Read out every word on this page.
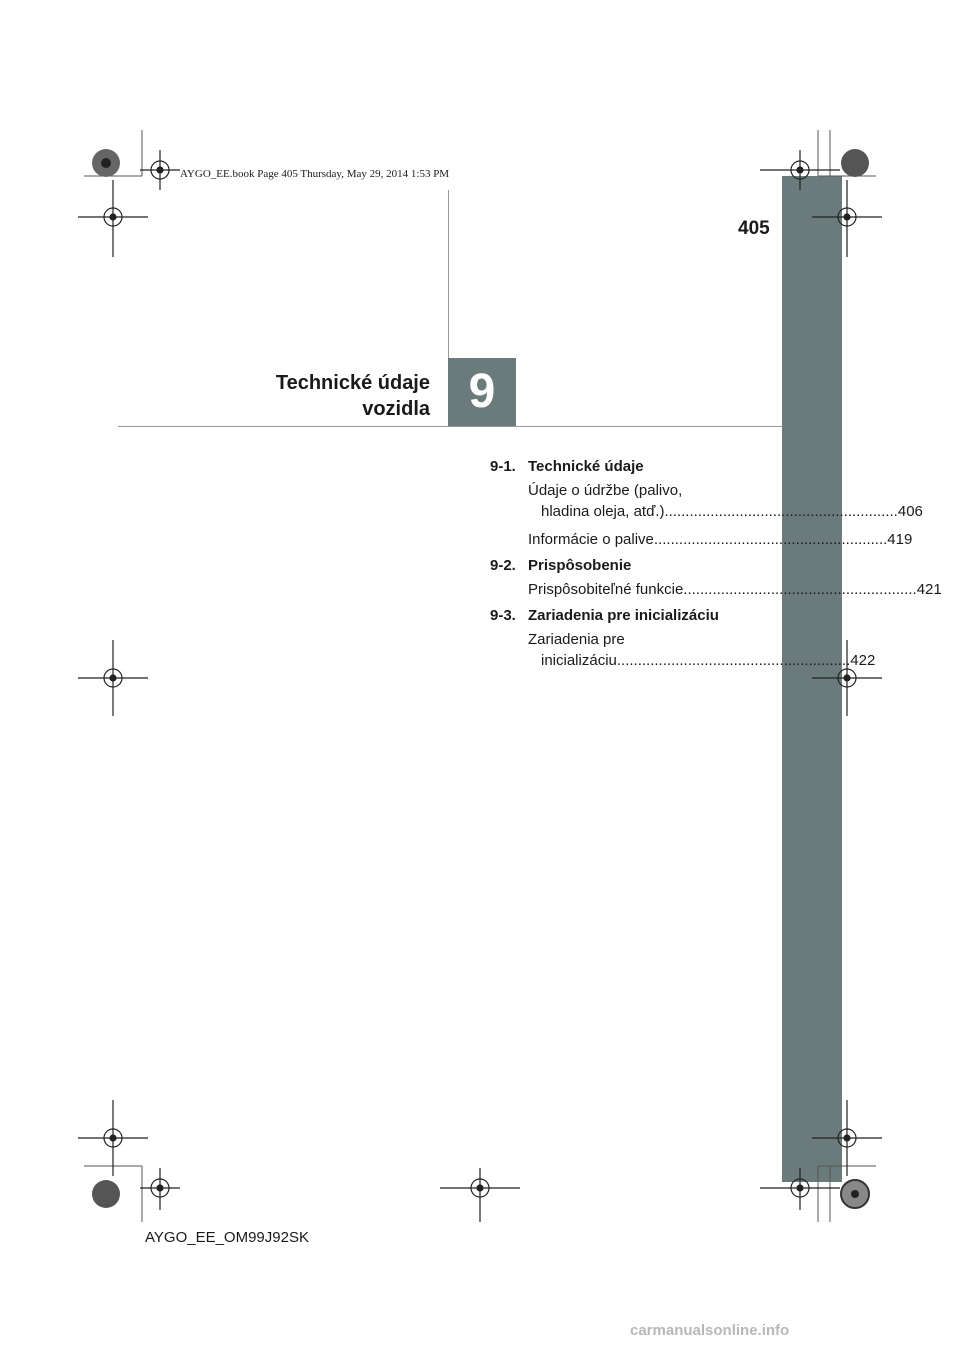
9
405
AYGO_EE.book Page 405 Thursday, May 29, 2014 1:53 PM
Technické údaje
vozidla
9-1. Technické údaje
Údaje o údržbe (palivo,
hladina oleja, atď.) ........................................................ 406
Informácie o palive ........................................................ 419
9-2. Prispôsobenie
Prispôsobiteľné funkcie ........................................................ 421
9-3. Zariadenia pre inicializáciu
Zariadenia pre
inicializáciu ........................................................ 422
AYGO_EE_OM99J92SK
carmanualsonline.info
